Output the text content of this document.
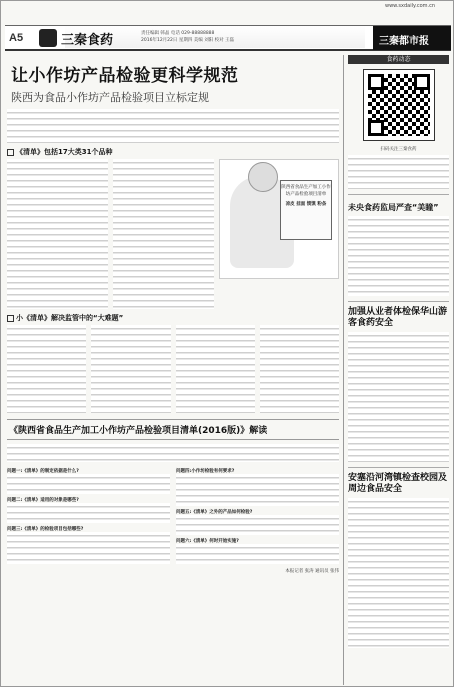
www.sxdaily.com.cn
A5	三秦食药	责任编辑 韩晶 电话 029-88888888
2016年12月22日 星期四 美编 刘阳 校对 王磊	三秦都市报
让小作坊产品检验更科学规范
陕西为食品小作坊产品检验项目立标定规
《清单》包括17大类31个品种
陕西省食品生产加工小作坊产品检验项目清单
凉皮 挂面 馍馍 粉条
小《清单》解决监管中的“大难题”
《陕西省食品生产加工小作坊产品检验项目清单(2016版)》解读
问题一:《清单》的制定依据是什么?
问题二:《清单》适用的对象是哪些?
问题三:《清单》的检验项目包括哪些?
问题四:小作坊检验有何要求?
问题五:《清单》之外的产品如何检验?
问题六:《清单》何时开始实施?
本报记者 张涛 通讯员 张伟
食药动态
扫码关注三秦食药
未央食药监局严查“美瞳”
加强从业者体检保华山游客食药安全
安塞沿河湾镇检查校园及周边食品安全
